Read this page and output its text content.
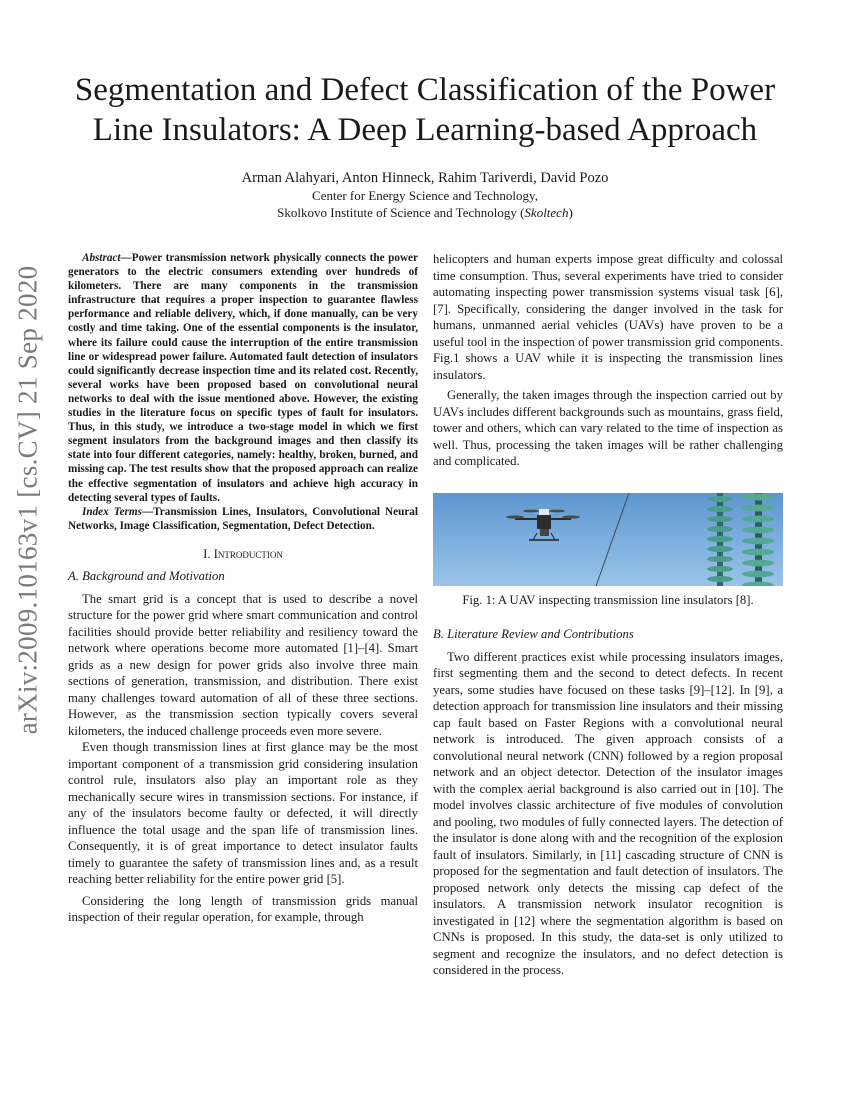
arXiv:2009.10163v1 [cs.CV] 21 Sep 2020
Segmentation and Defect Classification of the Power
Line Insulators: A Deep Learning-based Approach
Arman Alahyari, Anton Hinneck, Rahim Tariverdi, David Pozo
Center for Energy Science and Technology,
Skolkovo Institute of Science and Technology (Skoltech)

Abstract—Power transmission network physically connects the power generators to the electric consumers extending over hundreds of kilometers. There are many components in the transmission infrastructure that requires a proper inspection to guarantee flawless performance and reliable delivery, which, if done manually, can be very costly and time taking. One of the essential components is the insulator, where its failure could cause the interruption of the entire transmission line or widespread power failure. Automated fault detection of insulators could significantly decrease inspection time and its related cost. Recently, several works have been proposed based on convolutional neural networks to deal with the issue mentioned above. However, the existing studies in the literature focus on specific types of fault for insulators. Thus, in this study, we introduce a two-stage model in which we first segment insulators from the background images and then classify its state into four different categories, namely: healthy, broken, burned, and missing cap. The test results show that the proposed approach can realize the effective segmentation of insulators and achieve high accuracy in detecting several types of faults.

Index Terms—Transmission Lines, Insulators, Convolutional Neural Networks, Image Classification, Segmentation, Defect Detection.

I. Introduction

A. Background and Motivation

The smart grid is a concept that is used to describe a novel structure for the power grid where smart communication and control facilities should provide better reliability and resiliency toward the network where operations become more automated [1]–[4]. Smart grids as a new design for power grids also involve three main sections of generation, transmission, and distribution. There exist many challenges toward automation of all of these three sections. However, as the transmission section typically covers several kilometers, the induced challenge proceeds even more severe.

Even though transmission lines at first glance may be the most important component of a transmission grid considering insulation control rule, insulators also play an important role as they mechanically secure wires in transmission sections. For instance, if any of the insulators become faulty or defected, it will directly influence the total usage and the span life of transmission lines. Consequently, it is of great importance to detect insulator faults timely to guarantee the safety of transmission lines and, as a result reaching better reliability for the entire power grid [5].

Considering the long length of transmission grids manual inspection of their regular operation, for example, through

helicopters and human experts impose great difficulty and colossal time consumption. Thus, several experiments have tried to consider automating inspecting power transmission systems visual task [6], [7]. Specifically, considering the danger involved in the task for humans, unmanned aerial vehicles (UAVs) have proven to be a useful tool in the inspection of power transmission grid components. Fig.1 shows a UAV while it is inspecting the transmission lines insulators.

Generally, the taken images through the inspection carried out by UAVs includes different backgrounds such as mountains, grass field, tower and others, which can vary related to the time of inspection as well. Thus, processing the taken images will be rather challenging and complicated.

Fig. 1: A UAV inspecting transmission line insulators [8].

B. Literature Review and Contributions

Two different practices exist while processing insulators images, first segmenting them and the second to detect defects. In recent years, some studies have focused on these tasks [9]–[12]. In [9], a detection approach for transmission line insulators and their missing cap fault based on Faster Regions with a convolutional neural network is introduced. The given approach consists of a convolutional neural network (CNN) followed by a region proposal network and an object detector. Detection of the insulator images with the complex aerial background is also carried out in [10]. The model involves classic architecture of five modules of convolution and pooling, two modules of fully connected layers. The detection of the insulator is done along with and the recognition of the explosion fault of insulators. Similarly, in [11] cascading structure of CNN is proposed for the segmentation and fault detection of insulators. The proposed network only detects the missing cap defect of the insulators. A transmission network insulator recognition is investigated in [12] where the segmentation algorithm is based on CNNs is proposed. In this study, the data-set is only utilized to segment and recognize the insulators, and no defect detection is considered in the process.
